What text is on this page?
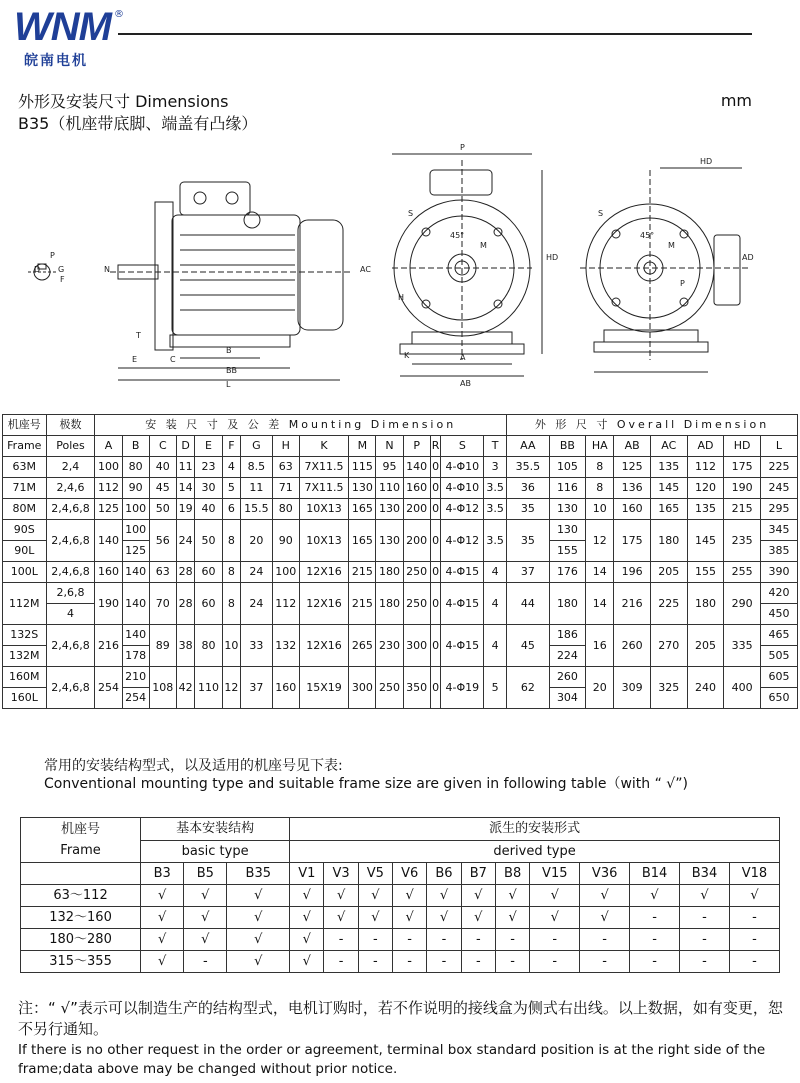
WNM ®
皖南电机
外形及安装尺寸 Dimensions
B35（机座带底脚、端盖有凸缘）
mm
P
G
D	N	AC
E	C
B
BB
L
T
F
P
S
45°
M
HD
H
K	A
AB
HD
S
45°
M
P
AD
机座号	极数	安 装 尺 寸 及 公 差 Mounting Dimension															外 形 尺 寸 Overall Dimension							
Frame	Poles	A	B	C	D	E	F	G	H	K	M	N	P	R	S	T	AA	BB	HA	AB	AC	AD	HD	L
63M	2,4	100	80	40	11	23	4	8.5	63	7X11.5	115	95	140	0	4-Φ10	3	35.5	105	8	125	135	112	175	225
71M	2,4,6	112	90	45	14	30	5	11	71	7X11.5	130	110	160	0	4-Φ10	3.5	36	116	8	136	145	120	190	245
80M	2,4,6,8	125	100	50	19	40	6	15.5	80	10X13	165	130	200	0	4-Φ12	3.5	35	130	10	160	165	135	215	295
90S	2,4,6,8	140	100	56	24	50	8	20	90	10X13	165	130	200	0	4-Φ12	3.5	35	130	12	175	180	145	235	345
90L			125															155						385
100L	2,4,6,8	160	140	63	28	60	8	24	100	12X16	215	180	250	0	4-Φ15	4	37	176	14	196	205	155	255	390
112M	2,6,8	190	140	70	28	60	8	24	112	12X16	215	180	250	0	4-Φ15	4	44	180	14	216	225	180	290	420
	4																							450
132S	2,4,6,8	216	140	89	38	80	10	33	132	12X16	265	230	300	0	4-Φ15	4	45	186	16	260	270	205	335	465
132M			178															224						505
160M	2,4,6,8	254	210	108	42	110	12	37	160	15X19	300	250	350	0	4-Φ19	5	62	260	20	309	325	240	400	605
160L			254															304						650
常用的安装结构型式，以及适用的机座号见下表:
Conventional mounting type and suitable frame size are given in following table（with “ √”)
机座号
Frame	基本安装结构			派生的安装形式											
	basic type			derived type											
	B3	B5	B35	V1	V3	V5	V6	B6	B7	B8	V15	V36	B14	B34	V18
63～112	√	√	√	√	√	√	√	√	√	√	√	√	√	√	√
132～160	√	√	√	√	√	√	√	√	√	√	√	√	-	-	-
180～280	√	√	√	√	-	-	-	-	-	-	-	-	-	-	-
315～355	√	-	√	√	-	-	-	-	-	-	-	-	-	-	-
注：“ √”表示可以制造生产的结构型式，电机订购时，若不作说明的接线盒为侧式右出线。以上数据，如有变更，恕不另行通知。
If there is no other request in the order or agreement, terminal box standard position is at the right side of the frame;data above may be changed without prior notice.
